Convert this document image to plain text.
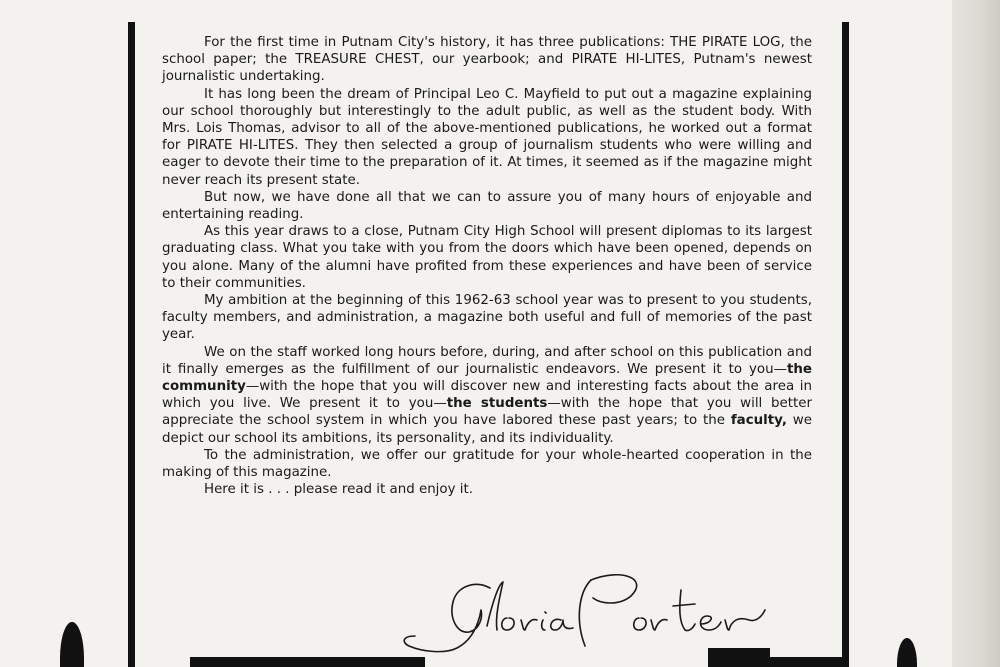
For the first time in Putnam City's history, it has three publications: THE PIRATE LOG, the school paper; the TREASURE CHEST, our yearbook; and PIRATE HI-LITES, Putnam's newest journalistic undertaking.

It has long been the dream of Principal Leo C. Mayfield to put out a magazine explaining our school thoroughly but interestingly to the adult public, as well as the student body. With Mrs. Lois Thomas, advisor to all of the above-mentioned publications, he worked out a format for PIRATE HI-LITES. They then selected a group of journalism students who were willing and eager to devote their time to the preparation of it. At times, it seemed as if the magazine might never reach its present state.

But now, we have done all that we can to assure you of many hours of enjoyable and entertaining reading.

As this year draws to a close, Putnam City High School will present diplomas to its largest graduating class. What you take with you from the doors which have been opened, depends on you alone. Many of the alumni have profited from these experiences and have been of service to their communities.

My ambition at the beginning of this 1962-63 school year was to present to you students, faculty members, and administration, a magazine both useful and full of memories of the past year.

We on the staff worked long hours before, during, and after school on this publication and it finally emerges as the fulfillment of our journalistic endeavors. We present it to you—the community—with the hope that you will discover new and interesting facts about the area in which you live. We present it to you—the students—with the hope that you will better appreciate the school system in which you have labored these past years; to the faculty, we depict our school its ambitions, its personality, and its individuality.

To the administration, we offer our gratitude for your whole-hearted cooperation in the making of this magazine.

Here it is . . . please read it and enjoy it.

Gloria Porter
